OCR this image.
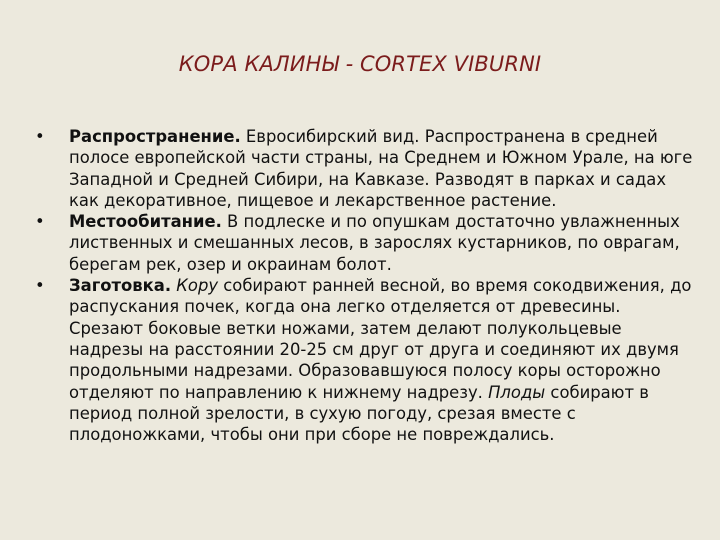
КОРА КАЛИНЫ - CORTEX VIBURNI
•	Распространение. Евросибирский вид. Распространена в средней полосе европейской части страны, на Среднем и Южном Урале, на юге Западной и Средней Сибири, на Кавказе. Разводят в парках и садах как декоративное, пищевое и лекарственное растение.
•	Местообитание. В подлеске и по опушкам достаточно увлажненных лиственных и смешанных лесов, в зарослях кустарников, по оврагам, берегам рек, озер и окраинам болот.
•	Заготовка. Кору собирают ранней весной, во время сокодвижения, до распускания почек, когда она легко отделяется от древесины. Срезают боковые ветки ножами, затем делают полукольцевые надрезы на расстоянии 20-25 см друг от друга и соединяют их двумя продольными надрезами. Образовавшуюся полосу коры осторожно отделяют по направлению к нижнему надрезу. Плоды собирают в период полной зрелости, в сухую погоду, срезая вместе с плодоножками, чтобы они при сборе не повреждались.
